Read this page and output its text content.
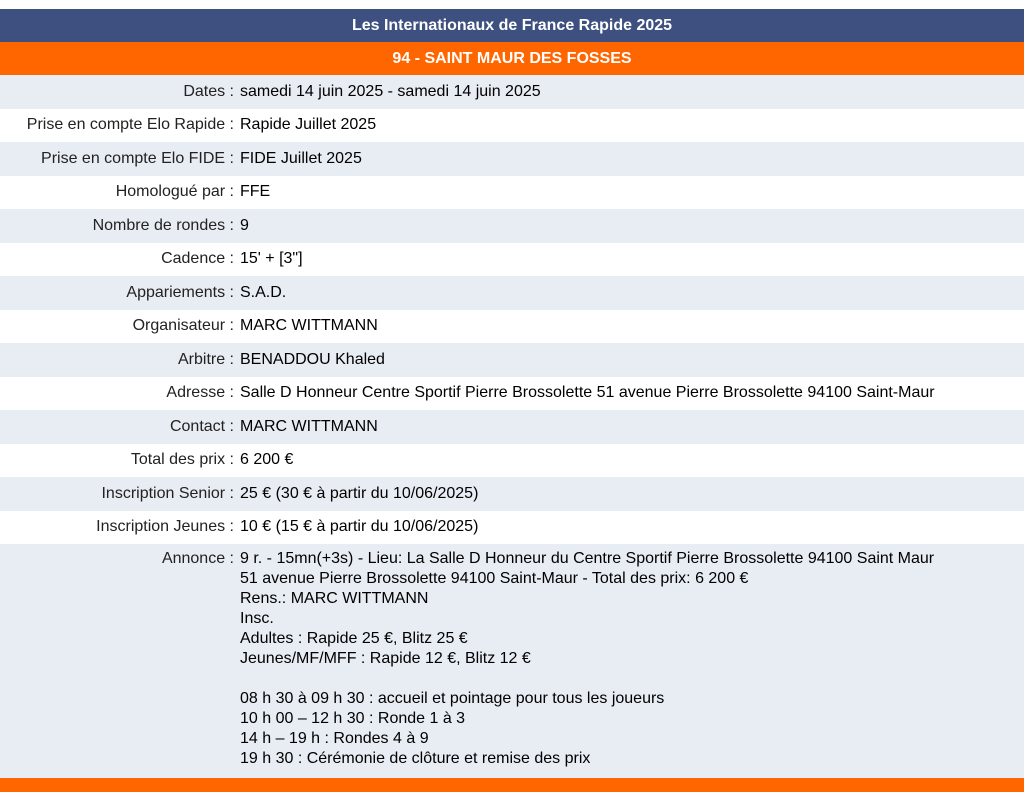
Les Internationaux de France Rapide 2025
94 - SAINT MAUR DES FOSSES
Dates : samedi 14 juin 2025 - samedi 14 juin 2025
Prise en compte Elo Rapide : Rapide Juillet 2025
Prise en compte Elo FIDE : FIDE Juillet 2025
Homologué par : FFE
Nombre de rondes : 9
Cadence : 15' + [3"]
Appariements : S.A.D.
Organisateur : MARC WITTMANN
Arbitre : BENADDOU Khaled
Adresse : Salle D Honneur Centre Sportif Pierre Brossolette 51 avenue Pierre Brossolette 94100 Saint-Maur
Contact : MARC WITTMANN
Total des prix : 6 200 €
Inscription Senior : 25 € (30 € à partir du 10/06/2025)
Inscription Jeunes : 10 € (15 € à partir du 10/06/2025)
Annonce : 9 r. - 15mn(+3s) - Lieu: La Salle D Honneur du Centre Sportif Pierre Brossolette 94100 Saint Maur
51 avenue Pierre Brossolette 94100 Saint-Maur - Total des prix: 6 200 €
Rens.: MARC WITTMANN
Insc.
Adultes : Rapide 25 €, Blitz 25 €
Jeunes/MF/MFF : Rapide 12 €, Blitz 12 €
08 h 30 à 09 h 30 : accueil et pointage pour tous les joueurs
10 h 00 – 12 h 30 : Ronde 1 à 3
14 h – 19 h : Rondes 4 à 9
19 h 30 : Cérémonie de clôture et remise des prix
